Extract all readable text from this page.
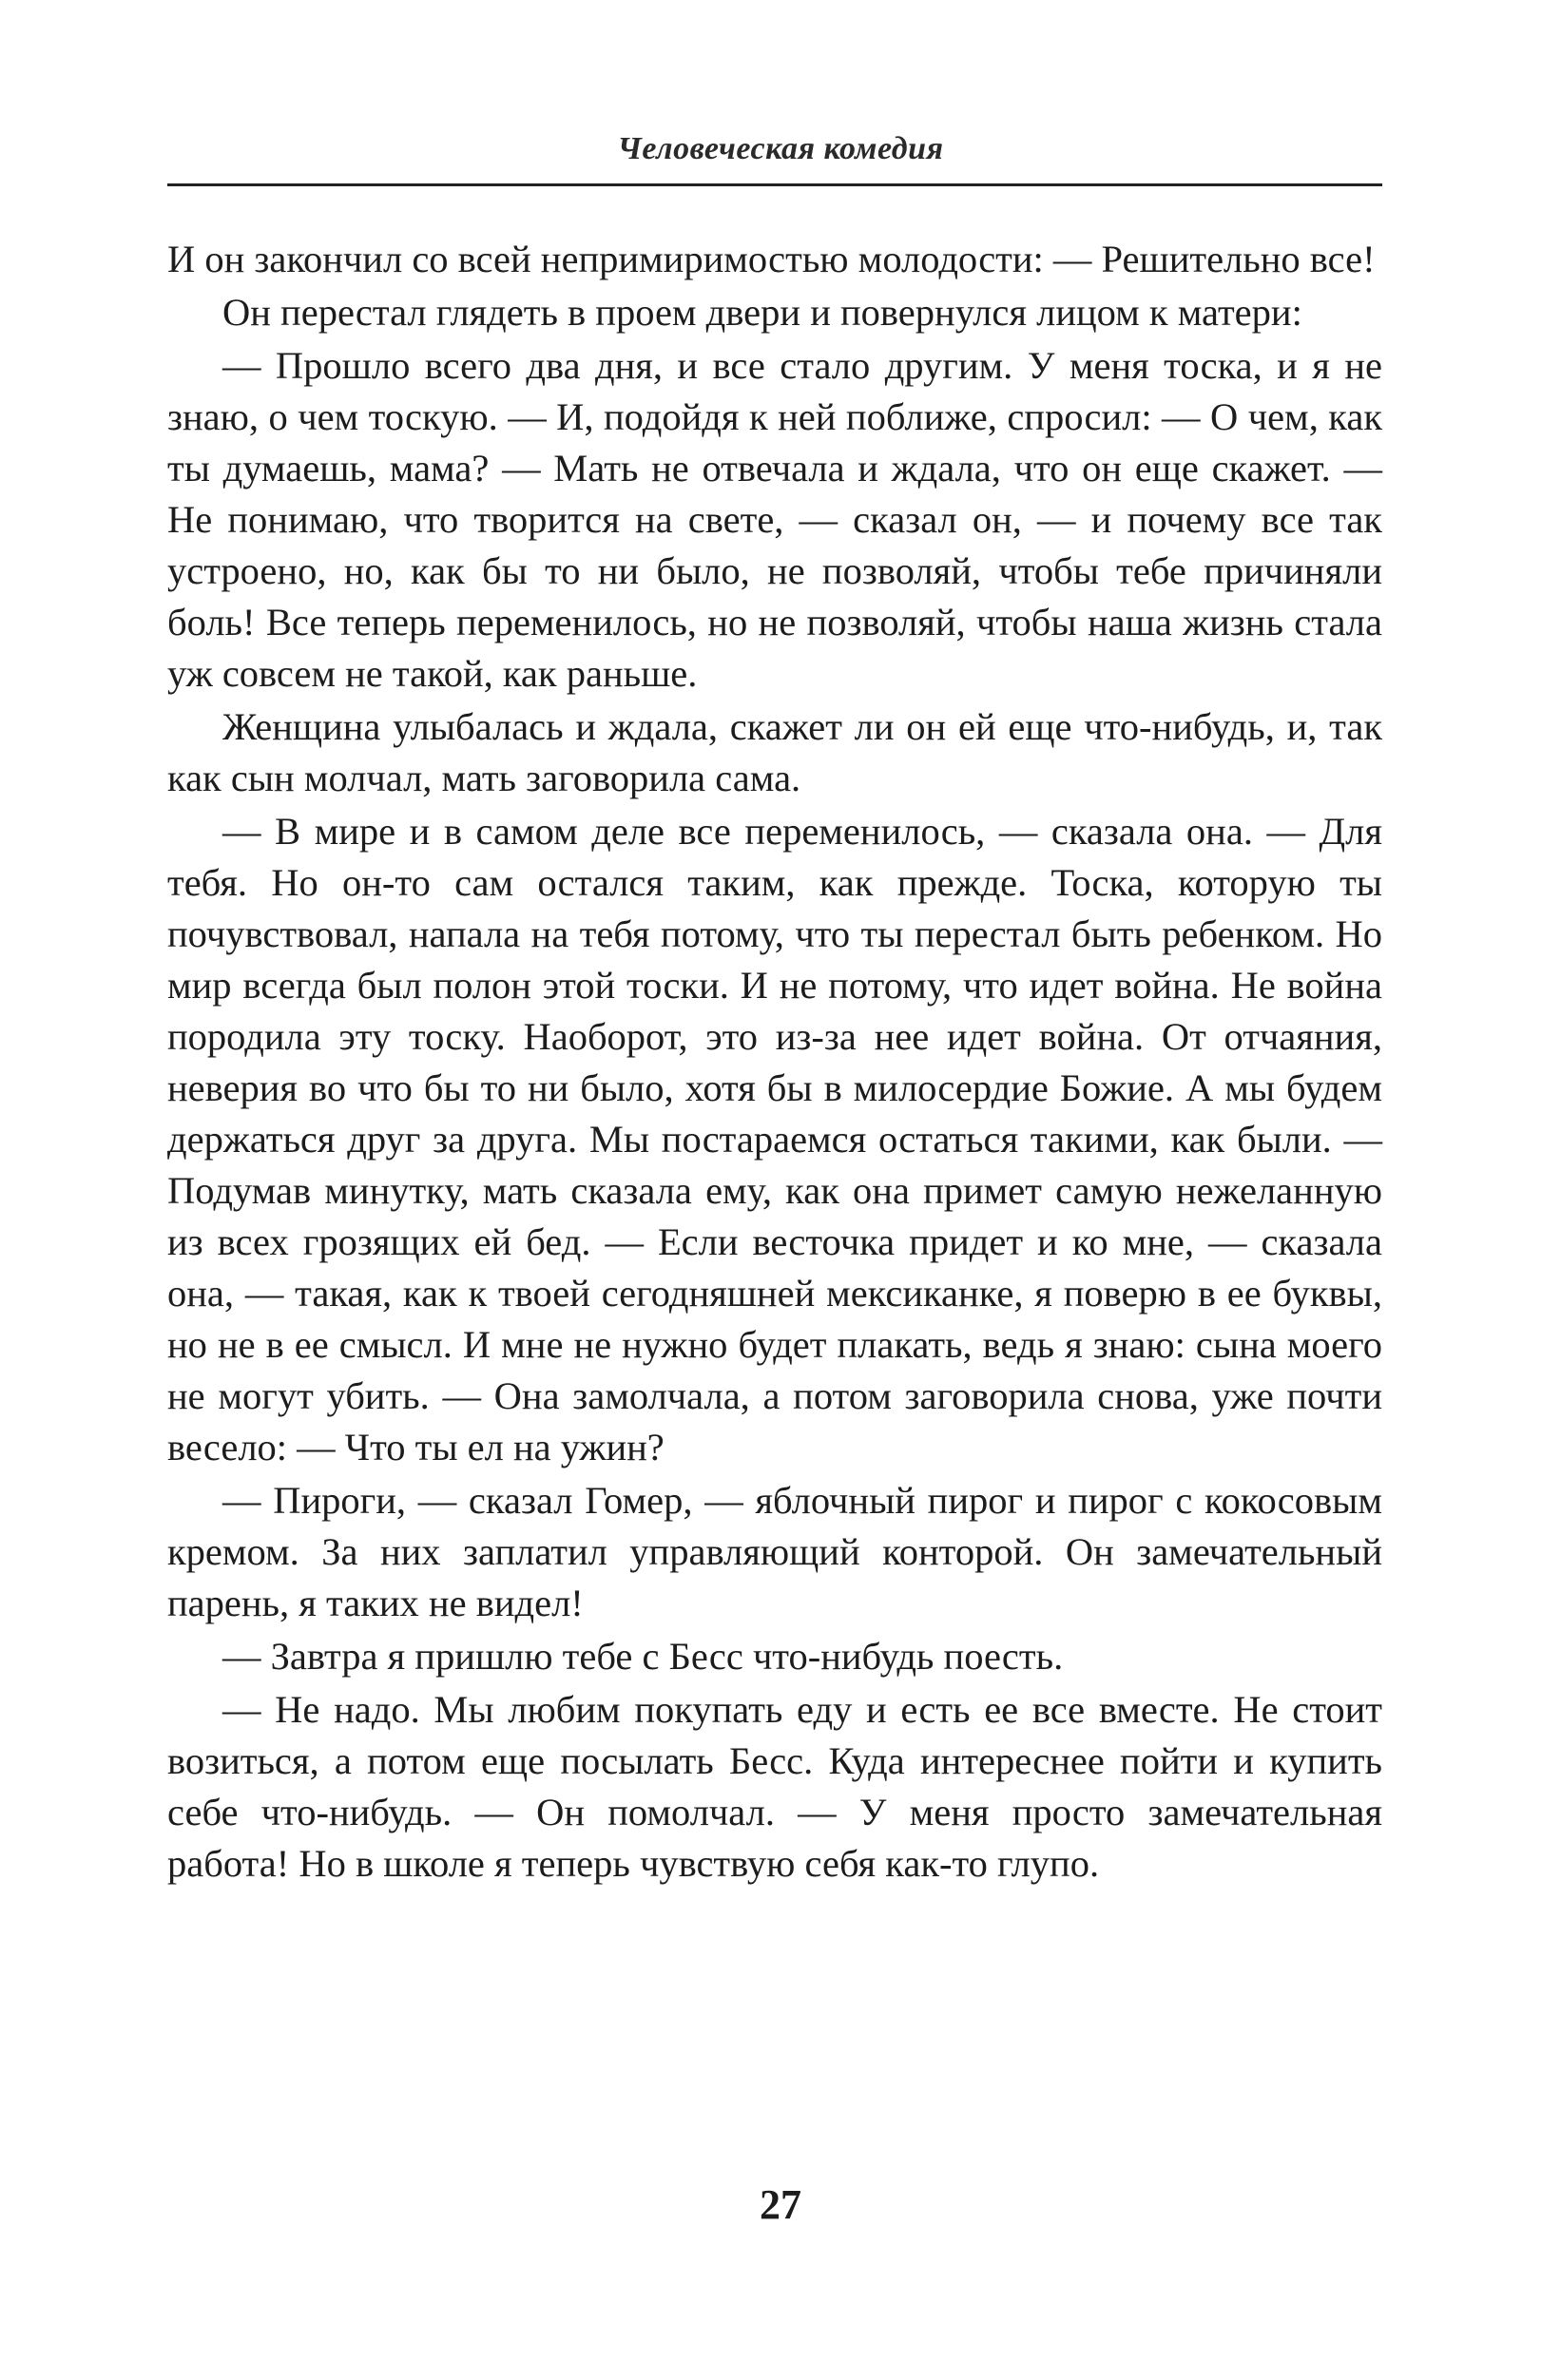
Человеческая комедия

И он закончил со всей непримиримостью молодости: — Решительно все!

Он перестал глядеть в проем двери и повернулся лицом к матери:

— Прошло всего два дня, и все стало другим. У меня тоска, и я не знаю, о чем тоскую. — И, подойдя к ней поближе, спросил: — О чем, как ты думаешь, мама? — Мать не отвечала и ждала, что он еще скажет. — Не понимаю, что творится на свете, — сказал он, — и почему все так устроено, но, как бы то ни было, не позволяй, чтобы тебе причиняли боль! Все теперь переменилось, но не позволяй, чтобы наша жизнь стала уж совсем не такой, как раньше.

Женщина улыбалась и ждала, скажет ли он ей еще что-нибудь, и, так как сын молчал, мать заговорила сама.

— В мире и в самом деле все переменилось, — сказала она. — Для тебя. Но он-то сам остался таким, как прежде. Тоска, которую ты почувствовал, напала на тебя потому, что ты перестал быть ребенком. Но мир всегда был полон этой тоски. И не потому, что идет война. Не война породила эту тоску. Наоборот, это из-за нее идет война. От отчаяния, неверия во что бы то ни было, хотя бы в милосердие Божие. А мы будем держаться друг за друга. Мы постараемся остаться такими, как были. — Подумав минутку, мать сказала ему, как она примет самую нежеланную из всех грозящих ей бед. — Если весточка придет и ко мне, — сказала она, — такая, как к твоей сегодняшней мексиканке, я поверю в ее буквы, но не в ее смысл. И мне не нужно будет плакать, ведь я знаю: сына моего не могут убить. — Она замолчала, а потом заговорила снова, уже почти весело: — Что ты ел на ужин?

— Пироги, — сказал Гомер, — яблочный пирог и пирог с кокосовым кремом. За них заплатил управляющий конторой. Он замечательный парень, я таких не видел!

— Завтра я пришлю тебе с Бесс что-нибудь поесть.

— Не надо. Мы любим покупать еду и есть ее все вместе. Не стоит возиться, а потом еще посылать Бесс. Куда интереснее пойти и купить себе что-нибудь. — Он помолчал. — У меня просто замечательная работа! Но в школе я теперь чувствую себя как-то глупо.

27
